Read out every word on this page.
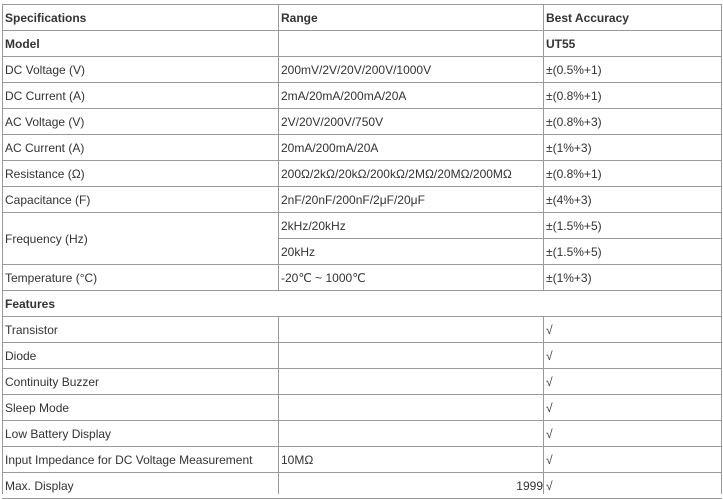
Specifications	Range	Best Accuracy
Model		UT55
DC Voltage (V)	200mV/2V/20V/200V/1000V	±(0.5%+1)
DC Current (A)	2mA/20mA/200mA/20A	±(0.8%+1)
AC Voltage (V)	2V/20V/200V/750V	±(0.8%+3)
AC Current (A)	20mA/200mA/20A	±(1%+3)
Resistance (Ω)	200Ω/2kΩ/20kΩ/200kΩ/2MΩ/20MΩ/200MΩ	±(0.8%+1)
Capacitance (F)	2nF/20nF/200nF/2μF/20μF	±(4%+3)
Frequency (Hz)	2kHz/20kHz	±(1.5%+5)
	20kHz	±(1.5%+5)
Temperature (°C)	-20℃ ~ 1000℃	±(1%+3)
Features		
Transistor		√
Diode		√
Continuity Buzzer		√
Sleep Mode		√
Low Battery Display		√
Input Impedance for DC Voltage Measurement	10MΩ	√
Max. Display	1999	√
